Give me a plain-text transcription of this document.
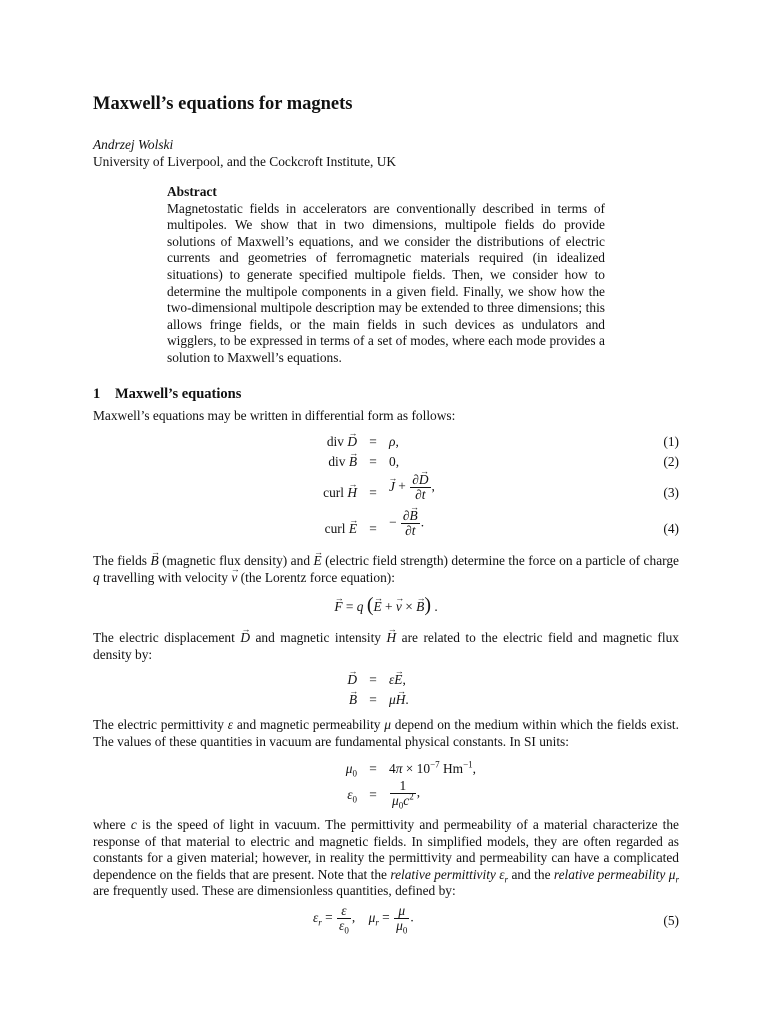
Maxwell’s equations for magnets
Andrzej Wolski
University of Liverpool, and the Cockcroft Institute, UK
Abstract
Magnetostatic fields in accelerators are conventionally described in terms of multipoles. We show that in two dimensions, multipole fields do provide solutions of Maxwell’s equations, and we consider the distributions of electric currents and geometries of ferromagnetic materials required (in idealized situations) to generate specified multipole fields. Then, we consider how to determine the multipole components in a given field. Finally, we show how the two-dimensional multipole description may be extended to three dimensions; this allows fringe fields, or the main fields in such devices as undulators and wigglers, to be expressed in terms of a set of modes, where each mode provides a solution to Maxwell’s equations.
1 Maxwell’s equations
Maxwell’s equations may be written in differential form as follows:
div → D = ρ,	(1)
div → B = 0,	(2)
curl → H =
→ $J + \frac{\partial\to D}{\partial t}$ ,	(3)
curl → E = − $\frac{\partial\to B}{\partial t}$ .	(4)
The fields → B (magnetic flux density) and → E (electric field strength) determine the force on a particle of charge q travelling with velocity → v (the Lorentz force equation):
→ F = q (→ E + → v × → B) .
The electric displacement → D and magnetic intensity → H are related to the electric field and magnetic flux density by:
→ D = ε→ E,
→ B = μ→ H.
The electric permittivity ε and magnetic permeability μ depend on the medium within which the fields exist. The values of these quantities in vacuum are fundamental physical constants. In SI units:
$\mu_0 = 4\pi \times 10^{-7}$ $Hm^{-1}$,
$\varepsilon_0 = \frac{1}{\mu_0c^2}$ ,
where c is the speed of light in vacuum. The permittivity and permeability of a material characterize the response of that material to electric and magnetic fields. In simplified models, they are often regarded as constants for a given material; however, in reality the permittivity and permeability can have a complicated dependence on the fields that are present. Note that the relative permittivity $\varepsilon_r$ and the relative permeability $\mu_r$ are frequently used. These are dimensionless quantities, defined by:
$\varepsilon_r = \frac{\varepsilon}{\varepsilon_0}$ ,    $\mu_r = \frac{\mu}{\mu_0}$ .	(5)
